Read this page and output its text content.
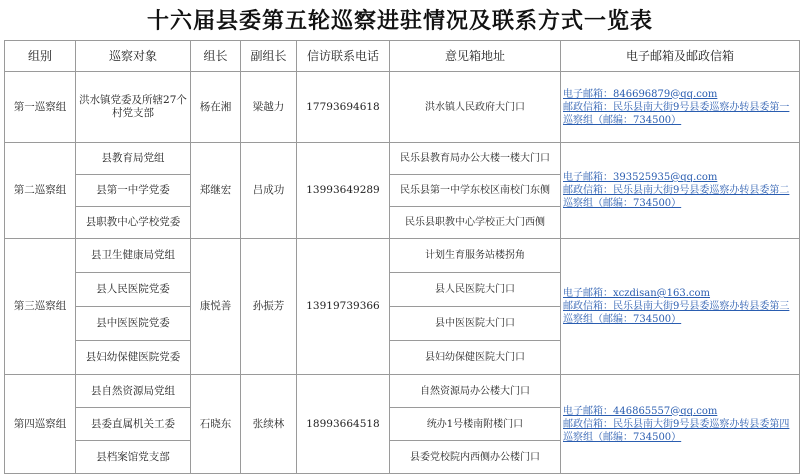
十六届县委第五轮巡察进驻情况及联系方式一览表
组别	巡察对象	组长	副组长	信访联系电话	意见箱地址	电子邮箱及邮政信箱
第一巡察组	洪水镇党委及所辖27个村党支部	杨在湘	梁越力	17793694618	洪水镇人民政府大门口	电子邮箱：846696879@qq.com
邮政信箱：民乐县南大街9号县委巡察办转县委第一巡察组（邮编：734500）

第二巡察组	县教育局党组	郑继宏	吕成功	13993649289	民乐县教育局办公大楼一楼大门口	电子邮箱：393525935@qq.com
邮政信箱：民乐县南大街9号县委巡察办转县委第二巡察组（邮编：734500）

	县第一中学党委				民乐县第一中学东校区南校门东侧	
	县职教中心学校党委				民乐县职教中心学校正大门西侧	
第三巡察组	县卫生健康局党组	康悦善	孙振芳	13919739366	计划生育服务站楼拐角	电子邮箱：xczdisan@163.com
邮政信箱：民乐县南大街9号县委巡察办转县委第三巡察组（邮编：734500）

	县人民医院党委				县人民医院大门口	
	县中医医院党委				县中医医院大门口	
	县妇幼保健医院党委				县妇幼保健医院大门口	
第四巡察组	县自然资源局党组	石晓东	张续林	18993664518	自然资源局办公楼大门口	电子邮箱：446865557@qq.com
邮政信箱：民乐县南大街9号县委巡察办转县委第四巡察组（邮编：734500）

	县委直属机关工委				统办1号楼南附楼门口	
	县档案馆党支部				县委党校院内西侧办公楼门口	
